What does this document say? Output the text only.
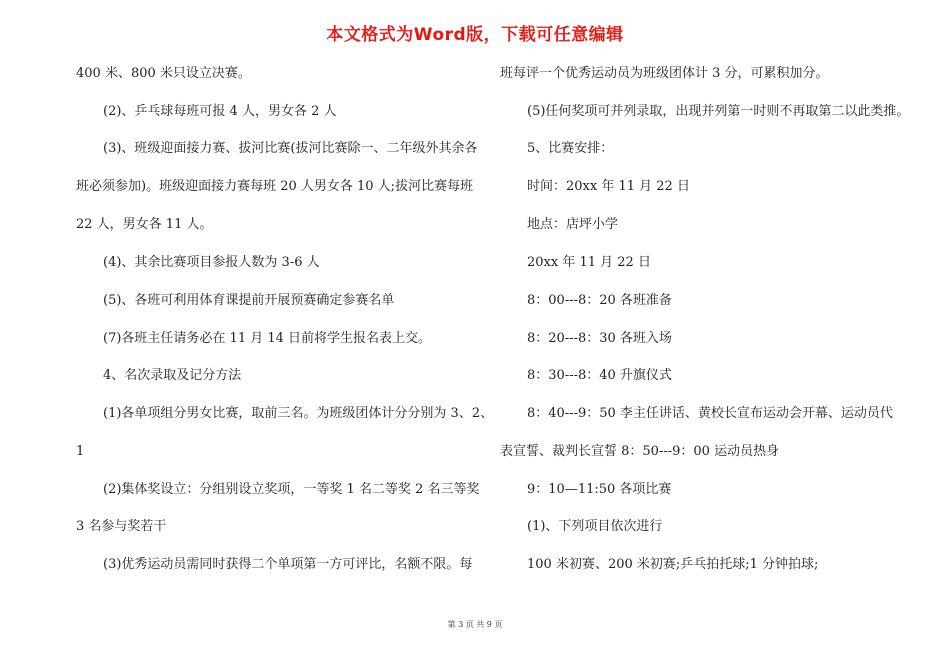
本文格式为Word版，下载可任意编辑
400 米、800 米只设立决赛。
(2)、乒乓球每班可报 4 人，男女各 2 人
(3)、班级迎面接力赛、拔河比赛(拔河比赛除一、二年级外其余各
班必须参加)。班级迎面接力赛每班 20 人男女各 10 人;拔河比赛每班
22 人，男女各 11 人。
(4)、其余比赛项目参报人数为 3-6 人
(5)、各班可利用体育课提前开展预赛确定参赛名单
(7)各班主任请务必在 11 月 14 日前将学生报名表上交。
4、名次录取及记分方法
(1)各单项组分男女比赛，取前三名。为班级团体计分分别为 3、2、
1
(2)集体奖设立：分组别设立奖项，一等奖 1 名二等奖 2 名三等奖
3 名参与奖若干
(3)优秀运动员需同时获得二个单项第一方可评比，名额不限。每
班每评一个优秀运动员为班级团体计 3 分，可累积加分。
(5)任何奖项可并列录取，出现并列第一时则不再取第二以此类推。
5、比赛安排：
时间：20xx 年 11 月 22 日
地点：店坪小学
20xx 年 11 月 22 日
8：00---8：20 各班准备
8：20---8：30 各班入场
8：30---8：40 升旗仪式
8：40---9：50 李主任讲话、黄校长宣布运动会开幕、运动员代
表宣誓、裁判长宣誓 8：50---9：00 运动员热身
9：10—11:50 各项比赛
(1)、下列项目依次进行
100 米初赛、200 米初赛;乒乓拍托球;1 分钟拍球;
第 3 页 共 9 页
